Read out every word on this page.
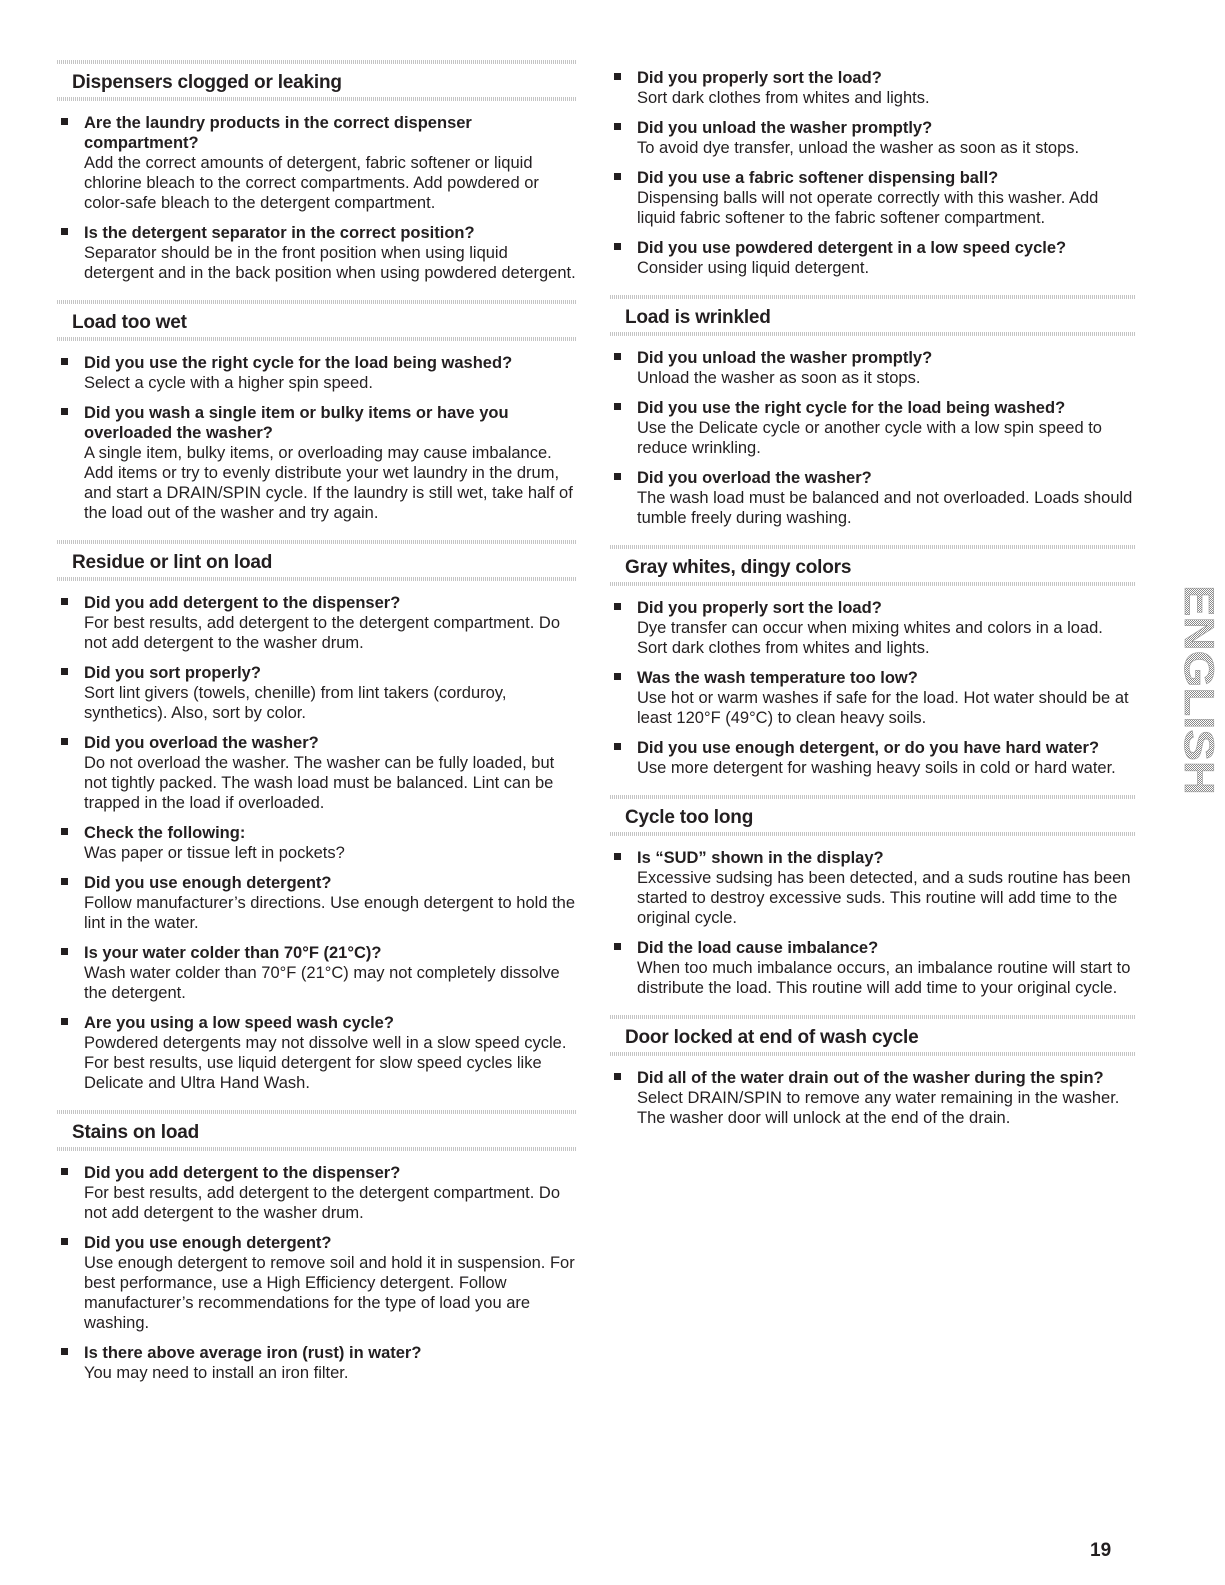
Dispensers clogged or leaking
Are the laundry products in the correct dispenser compartment?
Add the correct amounts of detergent, fabric softener or liquid chlorine bleach to the correct compartments. Add powdered or color-safe bleach to the detergent compartment.
Is the detergent separator in the correct position?
Separator should be in the front position when using liquid detergent and in the back position when using powdered detergent.
Load too wet
Did you use the right cycle for the load being washed?
Select a cycle with a higher spin speed.
Did you wash a single item or bulky items or have you overloaded the washer?
A single item, bulky items, or overloading may cause imbalance. Add items or try to evenly distribute your wet laundry in the drum, and start a DRAIN/SPIN cycle. If the laundry is still wet, take half of the load out of the washer and try again.
Residue or lint on load
Did you add detergent to the dispenser?
For best results, add detergent to the detergent compartment. Do not add detergent to the washer drum.
Did you sort properly?
Sort lint givers (towels, chenille) from lint takers (corduroy, synthetics). Also, sort by color.
Did you overload the washer?
Do not overload the washer. The washer can be fully loaded, but not tightly packed. The wash load must be balanced. Lint can be trapped in the load if overloaded.
Check the following:
Was paper or tissue left in pockets?
Did you use enough detergent?
Follow manufacturer’s directions. Use enough detergent to hold the lint in the water.
Is your water colder than 70°F (21°C)?
Wash water colder than 70°F (21°C) may not completely dissolve the detergent.
Are you using a low speed wash cycle?
Powdered detergents may not dissolve well in a slow speed cycle. For best results, use liquid detergent for slow speed cycles like Delicate and Ultra Hand Wash.
Stains on load
Did you add detergent to the dispenser?
For best results, add detergent to the detergent compartment. Do not add detergent to the washer drum.
Did you use enough detergent?
Use enough detergent to remove soil and hold it in suspension. For best performance, use a High Efficiency detergent. Follow manufacturer’s recommendations for the type of load you are washing.
Is there above average iron (rust) in water?
You may need to install an iron filter.
Did you properly sort the load?
Sort dark clothes from whites and lights.
Did you unload the washer promptly?
To avoid dye transfer, unload the washer as soon as it stops.
Did you use a fabric softener dispensing ball?
Dispensing balls will not operate correctly with this washer. Add liquid fabric softener to the fabric softener compartment.
Did you use powdered detergent in a low speed cycle?
Consider using liquid detergent.
Load is wrinkled
Did you unload the washer promptly?
Unload the washer as soon as it stops.
Did you use the right cycle for the load being washed?
Use the Delicate cycle or another cycle with a low spin speed to reduce wrinkling.
Did you overload the washer?
The wash load must be balanced and not overloaded. Loads should tumble freely during washing.
Gray whites, dingy colors
Did you properly sort the load?
Dye transfer can occur when mixing whites and colors in a load. Sort dark clothes from whites and lights.
Was the wash temperature too low?
Use hot or warm washes if safe for the load. Hot water should be at least 120°F (49°C) to clean heavy soils.
Did you use enough detergent, or do you have hard water?
Use more detergent for washing heavy soils in cold or hard water.
Cycle too long
Is “SUD” shown in the display?
Excessive sudsing has been detected, and a suds routine has been started to destroy excessive suds. This routine will add time to the original cycle.
Did the load cause imbalance?
When too much imbalance occurs, an imbalance routine will start to distribute the load. This routine will add time to your original cycle.
Door locked at end of wash cycle
Did all of the water drain out of the washer during the spin?
Select DRAIN/SPIN to remove any water remaining in the washer. The washer door will unlock at the end of the drain.
ENGLISH
19
